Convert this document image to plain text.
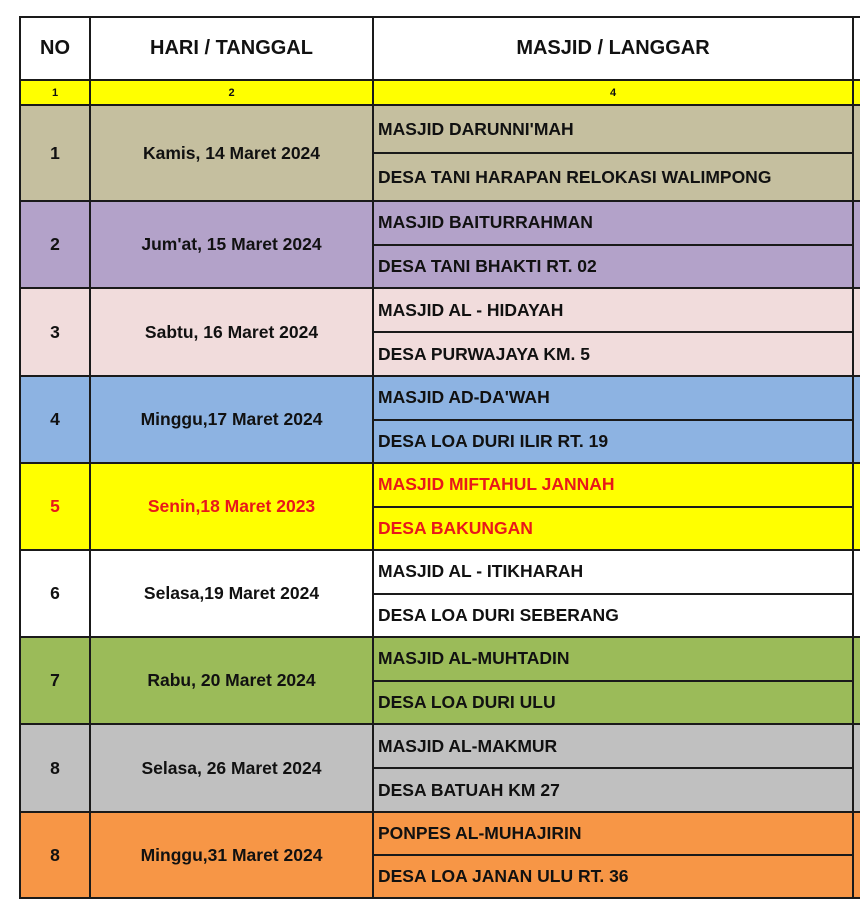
NO	HARI / TANGGAL	MASJID / LANGGAR
1	2	4
1	Kamis, 14 Maret 2024
MASJID DARUNNI'MAH
DESA TANI HARAPAN RELOKASI WALIMPONG
2	Jum'at, 15 Maret 2024
MASJID BAITURRAHMAN
DESA TANI BHAKTI RT. 02
3	Sabtu, 16 Maret 2024
MASJID AL - HIDAYAH
DESA PURWAJAYA KM. 5
4	Minggu,17 Maret 2024
MASJID AD-DA'WAH
DESA LOA DURI ILIR RT. 19
5	Senin,18 Maret 2023
MASJID MIFTAHUL JANNAH
DESA BAKUNGAN
6	Selasa,19 Maret 2024
MASJID AL - ITIKHARAH
DESA LOA DURI SEBERANG
7	Rabu, 20 Maret 2024
MASJID AL-MUHTADIN
DESA LOA DURI ULU
8	Selasa, 26 Maret 2024
MASJID AL-MAKMUR
DESA BATUAH KM 27
8	Minggu,31 Maret 2024
PONPES AL-MUHAJIRIN
DESA LOA JANAN ULU RT. 36
